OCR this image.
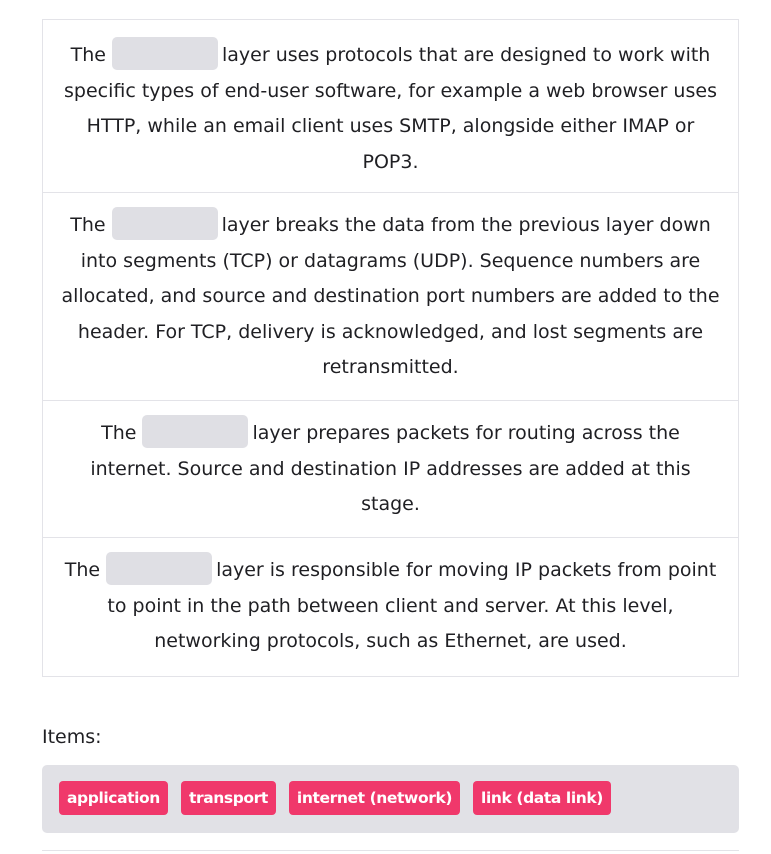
The	layer uses protocols that are designed to work with specific types of end-user software, for example a web browser uses HTTP, while an email client uses SMTP, alongside either IMAP or POP3.
The	layer breaks the data from the previous layer down into segments (TCP) or datagrams (UDP). Sequence numbers are allocated, and source and destination port numbers are added to the header. For TCP, delivery is acknowledged, and lost segments are retransmitted.
The	layer prepares packets for routing across the internet. Source and destination IP addresses are added at this stage.
The	layer is responsible for moving IP packets from point to point in the path between client and server. At this level, networking protocols, such as Ethernet, are used.
Items:
application transport internet (network) link (data link)
